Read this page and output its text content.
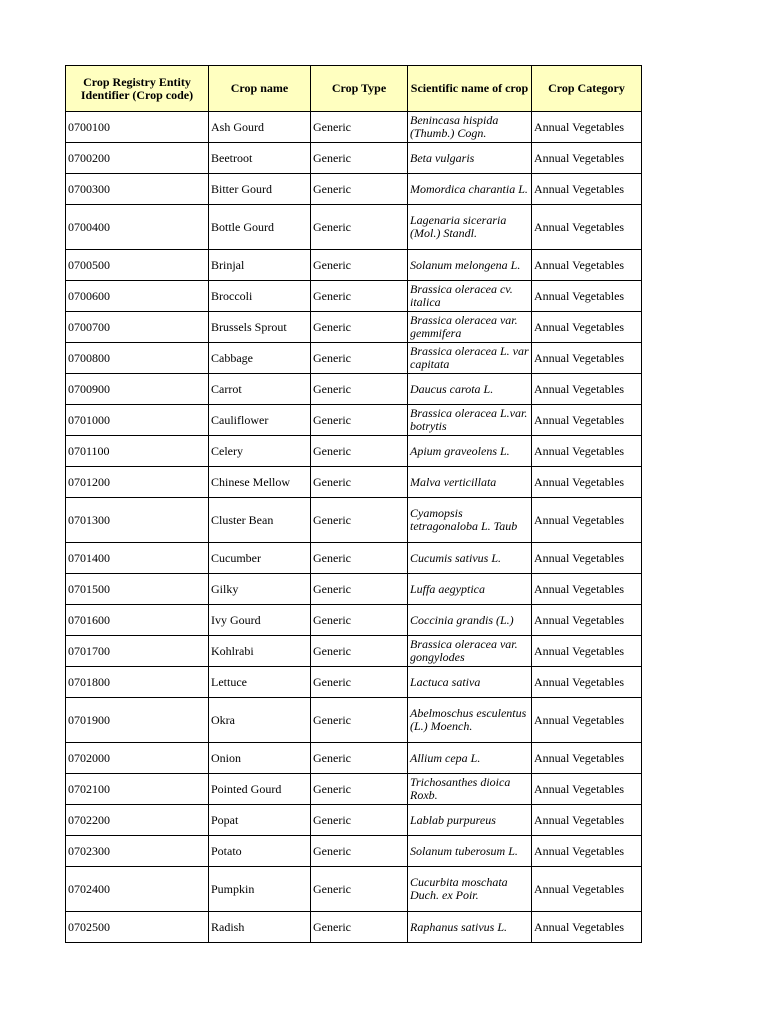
Crop Registry Entity Identifier (Crop code)	Crop name	Crop Type	Scientific name of crop	Crop Category
0700100	Ash Gourd	Generic	Benincasa hispida (Thumb.) Cogn.	Annual Vegetables
0700200	Beetroot	Generic	Beta vulgaris	Annual Vegetables
0700300	Bitter Gourd	Generic	Momordica charantia L.	Annual Vegetables
0700400	Bottle Gourd	Generic	Lagenaria siceraria (Mol.) Standl.	Annual Vegetables
0700500	Brinjal	Generic	Solanum melongena L.	Annual Vegetables
0700600	Broccoli	Generic	Brassica oleracea cv. italica	Annual Vegetables
0700700	Brussels Sprout	Generic	Brassica oleracea var. gemmifera	Annual Vegetables
0700800	Cabbage	Generic	Brassica oleracea L. var capitata	Annual Vegetables
0700900	Carrot	Generic	Daucus carota L.	Annual Vegetables
0701000	Cauliflower	Generic	Brassica oleracea L.var. botrytis	Annual Vegetables
0701100	Celery	Generic	Apium graveolens L.	Annual Vegetables
0701200	Chinese Mellow	Generic	Malva verticillata	Annual Vegetables
0701300	Cluster Bean	Generic	Cyamopsis tetragonaloba L. Taub	Annual Vegetables
0701400	Cucumber	Generic	Cucumis sativus L.	Annual Vegetables
0701500	Gilky	Generic	Luffa aegyptica	Annual Vegetables
0701600	Ivy Gourd	Generic	Coccinia grandis (L.)	Annual Vegetables
0701700	Kohlrabi	Generic	Brassica oleracea var. gongylodes	Annual Vegetables
0701800	Lettuce	Generic	Lactuca sativa	Annual Vegetables
0701900	Okra	Generic	Abelmoschus esculentus (L.) Moench.	Annual Vegetables
0702000	Onion	Generic	Allium cepa L.	Annual Vegetables
0702100	Pointed Gourd	Generic	Trichosanthes dioica Roxb.	Annual Vegetables
0702200	Popat	Generic	Lablab purpureus	Annual Vegetables
0702300	Potato	Generic	Solanum tuberosum L.	Annual Vegetables
0702400	Pumpkin	Generic	Cucurbita moschata Duch. ex Poir.	Annual Vegetables
0702500	Radish	Generic	Raphanus sativus L.	Annual Vegetables
